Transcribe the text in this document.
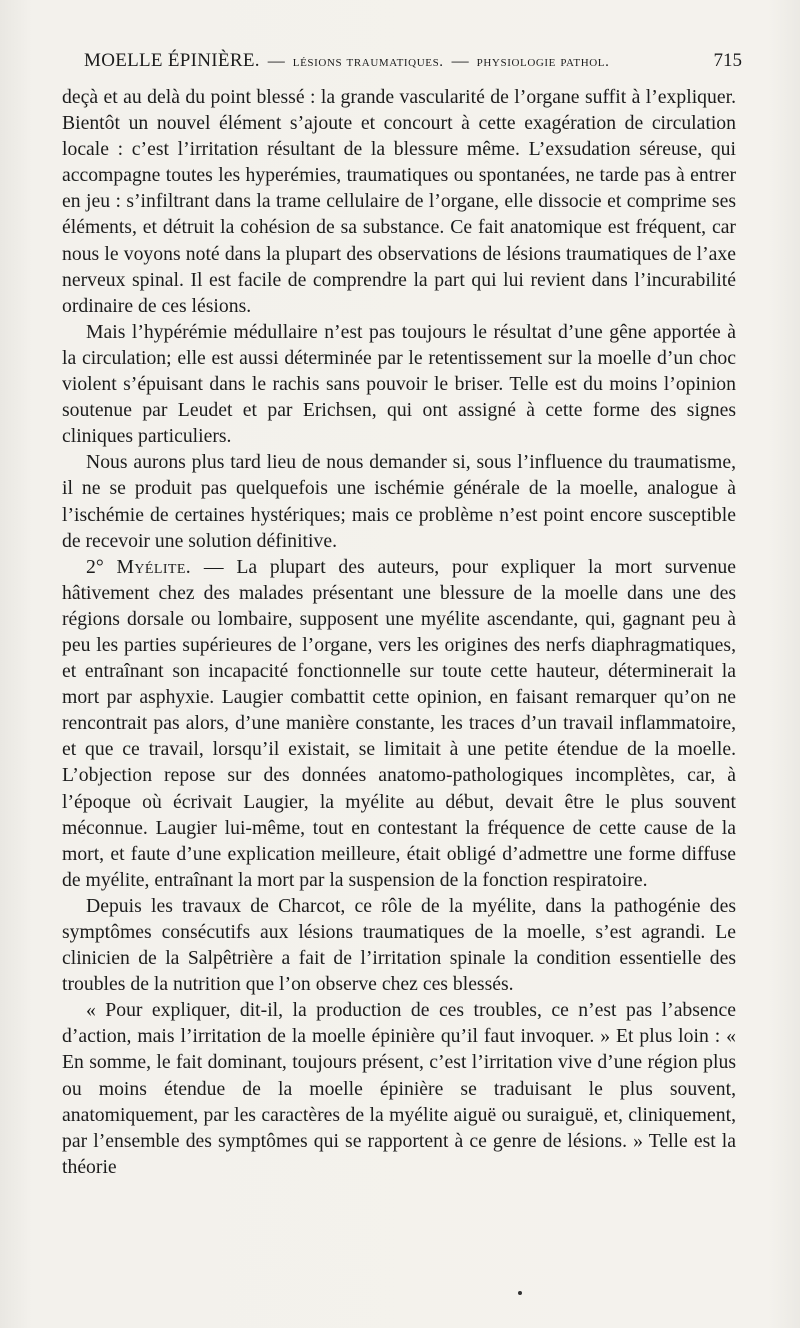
MOELLE ÉPINIÈRE. — lésions traumatiques. — physiologie pathol.	715

deçà et au delà du point blessé : la grande vascularité de l’organe suffit à l’expliquer. Bientôt un nouvel élément s’ajoute et concourt à cette exagération de circulation locale : c’est l’irritation résultant de la blessure même. L’exsudation séreuse, qui accompagne toutes les hyperémies, traumatiques ou spontanées, ne tarde pas à entrer en jeu : s’infiltrant dans la trame cellulaire de l’organe, elle dissocie et comprime ses éléments, et détruit la cohésion de sa substance. Ce fait anatomique est fréquent, car nous le voyons noté dans la plupart des observations de lésions traumatiques de l’axe nerveux spinal. Il est facile de comprendre la part qui lui revient dans l’incurabilité ordinaire de ces lésions.

Mais l’hypérémie médullaire n’est pas toujours le résultat d’une gêne apportée à la circulation; elle est aussi déterminée par le retentissement sur la moelle d’un choc violent s’épuisant dans le rachis sans pouvoir le briser. Telle est du moins l’opinion soutenue par Leudet et par Erichsen, qui ont assigné à cette forme des signes cliniques particuliers.

Nous aurons plus tard lieu de nous demander si, sous l’influence du traumatisme, il ne se produit pas quelquefois une ischémie générale de la moelle, analogue à l’ischémie de certaines hystériques; mais ce problème n’est point encore susceptible de recevoir une solution définitive.

2° Myélite. — La plupart des auteurs, pour expliquer la mort survenue hâtivement chez des malades présentant une blessure de la moelle dans une des régions dorsale ou lombaire, supposent une myélite ascendante, qui, gagnant peu à peu les parties supérieures de l’organe, vers les origines des nerfs diaphragmatiques, et entraînant son incapacité fonctionnelle sur toute cette hauteur, déterminerait la mort par asphyxie. Laugier combattit cette opinion, en faisant remarquer qu’on ne rencontrait pas alors, d’une manière constante, les traces d’un travail inflammatoire, et que ce travail, lorsqu’il existait, se limitait à une petite étendue de la moelle. L’objection repose sur des données anatomo-pathologiques incomplètes, car, à l’époque où écrivait Laugier, la myélite au début, devait être le plus souvent méconnue. Laugier lui-même, tout en contestant la fréquence de cette cause de la mort, et faute d’une explication meilleure, était obligé d’admettre une forme diffuse de myélite, entraînant la mort par la suspension de la fonction respiratoire.

Depuis les travaux de Charcot, ce rôle de la myélite, dans la pathogénie des symptômes consécutifs aux lésions traumatiques de la moelle, s’est agrandi. Le clinicien de la Salpêtrière a fait de l’irritation spinale la condition essentielle des troubles de la nutrition que l’on observe chez ces blessés.

« Pour expliquer, dit-il, la production de ces troubles, ce n’est pas l’absence d’action, mais l’irritation de la moelle épinière qu’il faut invoquer. » Et plus loin : « En somme, le fait dominant, toujours présent, c’est l’irritation vive d’une région plus ou moins étendue de la moelle épinière se traduisant le plus souvent, anatomiquement, par les caractères de la myélite aiguë ou suraiguë, et, cliniquement, par l’ensemble des symptômes qui se rapportent à ce genre de lésions. » Telle est la théorie
